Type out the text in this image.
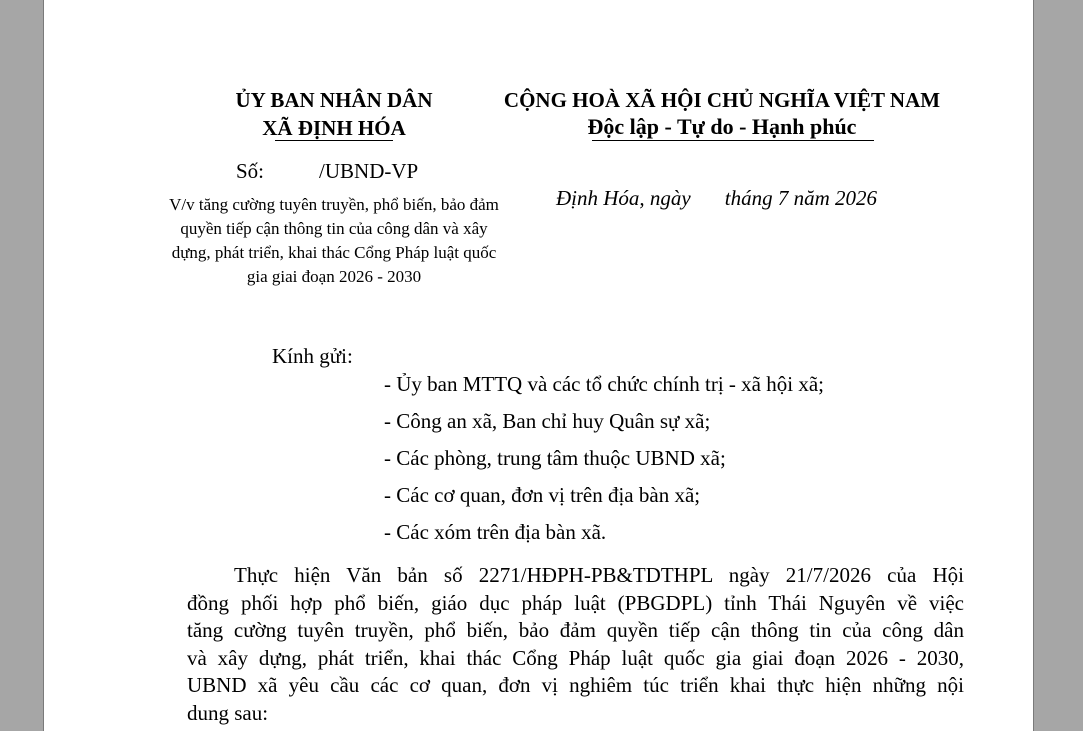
ỦY BAN NHÂN DÂN
XÃ ĐỊNH HÓA
CỘNG HOÀ XÃ HỘI CHỦ NGHĨA VIỆT NAM
Độc lập - Tự do - Hạnh phúc
Số:	/UBND-VP
V/v tăng cường tuyên truyền, phổ biến, bảo đảm quyền tiếp cận thông tin của công dân và xây dựng, phát triển, khai thác Cổng Pháp luật quốc gia giai đoạn 2026 - 2030
Định Hóa, ngày tháng 7 năm 2026
Kính gửi:
- Ủy ban MTTQ và các tổ chức chính trị - xã hội xã;
- Công an xã, Ban chỉ huy Quân sự xã;
- Các phòng, trung tâm thuộc UBND xã;
- Các cơ quan, đơn vị trên địa bàn xã;
- Các xóm trên địa bàn xã.
Thực hiện Văn bản số 2271/HĐPH-PB&TDTHPL ngày 21/7/2026 của Hội
đồng phối hợp phổ biến, giáo dục pháp luật (PBGDPL) tỉnh Thái Nguyên về việc
tăng cường tuyên truyền, phổ biến, bảo đảm quyền tiếp cận thông tin của công dân
và xây dựng, phát triển, khai thác Cổng Pháp luật quốc gia giai đoạn 2026 - 2030,
UBND xã yêu cầu các cơ quan, đơn vị nghiêm túc triển khai thực hiện những nội
dung sau:
